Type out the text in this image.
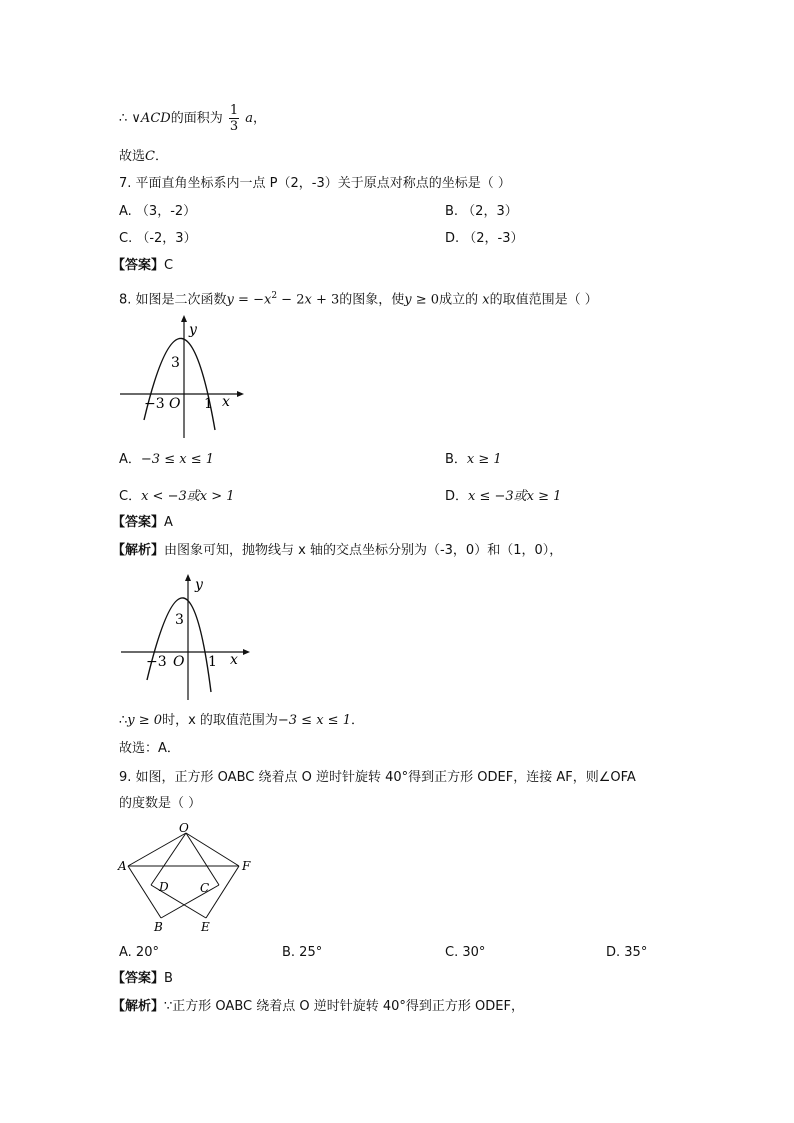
∴ ∨ACD的面积为 $\frac{1}{3}$ a，
故选C．
7. 平面直角坐标系内一点 P（2，-3）关于原点对称点的坐标是（ ）
A. （3，-2）	B. （2，3）
C. （-2，3）	D. （2，-3）
【答案】C
8. 如图是二次函数$y = -x^2 - 2x + 3$的图象，使y ≥ 0成立的 x的取值范围是（ ）
y
3
−3 O 1 x
A．−3 ≤ x ≤ 1	B．x ≥ 1
C．x < −3或x > 1	D．x ≤ −3或x ≥ 1
【答案】A
【解析】由图象可知，抛物线与 x 轴的交点坐标分别为（-3，0）和（1，0），
y
3
−3 O 1 x
∴y ≥ 0时，x 的取值范围为−3 ≤ x ≤ 1．
故选：A．
9. 如图，正方形 OABC 绕着点 O 逆时针旋转 40°得到正方形 ODEF，连接 AF，则∠OFA
的度数是（ ）
O
A	F
D	C
B	E
A. 20°	B. 25°	C. 30°	D. 35°
【答案】B
【解析】∵正方形 OABC 绕着点 O 逆时针旋转 40°得到正方形 ODEF，
